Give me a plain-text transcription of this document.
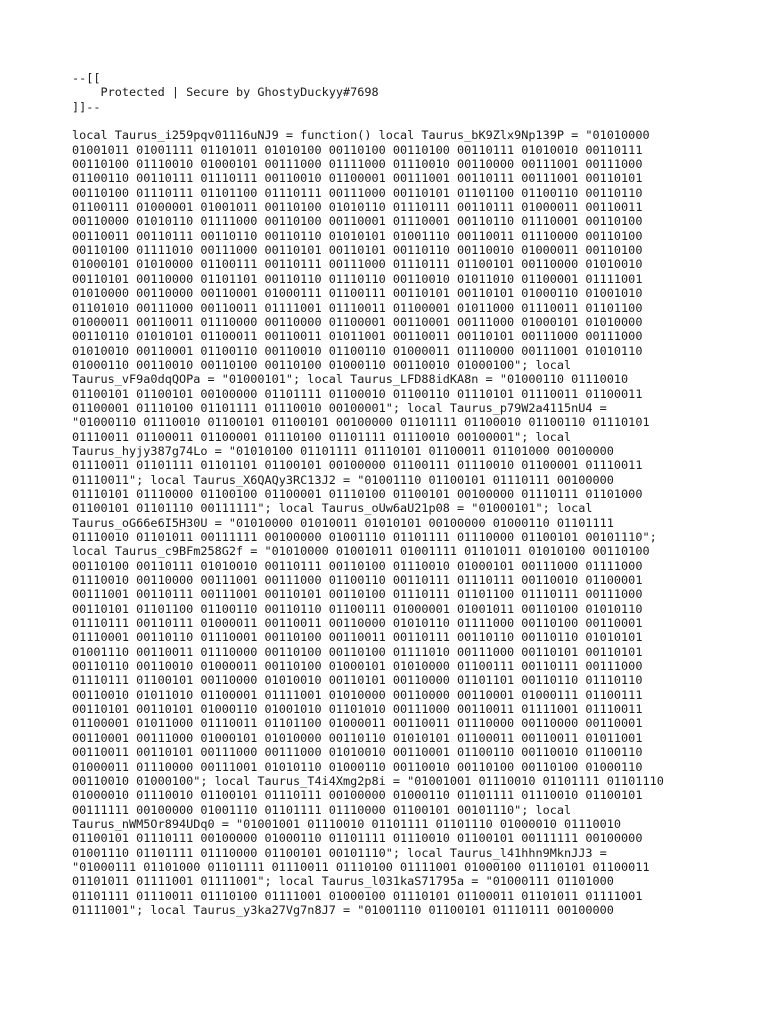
--[[
Protected | Secure by GhostyDuckyy#7698
]]--
local Taurus_i259pqv01116uNJ9 = function() local Taurus_bK9Zlx9Np139P = "01010000
01001011 01001111 01101011 01010100 00110100 00110100 00110111 01010010 00110111
00110100 01110010 01000101 00111000 01111000 01110010 00110000 00111001 00111000
01100110 00110111 01110111 00110010 01100001 00111001 00110111 00111001 00110101
00110100 01110111 01101100 01110111 00111000 00110101 01101100 01100110 00110110
01100111 01000001 01001011 00110100 01010110 01110111 00110111 01000011 00110011
00110000 01010110 01111000 00110100 00110001 01110001 00110110 01110001 00110100
00110011 00110111 00110110 00110110 01010101 01001110 00110011 01110000 00110100
00110100 01111010 00111000 00110101 00110101 00110110 00110010 01000011 00110100
01000101 01010000 01100111 00110111 00111000 01110111 01100101 00110000 01010010
00110101 00110000 01101101 00110110 01110110 00110010 01011010 01100001 01111001
01010000 00110000 00110001 01000111 01100111 00110101 00110101 01000110 01001010
01101010 00111000 00110011 01111001 01110011 01100001 01011000 01110011 01101100
01000011 00110011 01110000 00110000 01100001 00110001 00111000 01000101 01010000
00110110 01010101 01100011 00110011 01011001 00110011 00110101 00111000 00111000
01010010 00110001 01100110 00110010 01100110 01000011 01110000 00111001 01010110
01000110 00110010 00110100 00110100 01000110 00110010 01000100"; local
Taurus_vF9a0dqQOPa = "01000101"; local Taurus_LFD88idKA8n = "01000110 01110010
01100101 01100101 00100000 01101111 01100010 01100110 01110101 01110011 01100011
01100001 01110100 01101111 01110010 00100001"; local Taurus_p79W2a4115nU4 =
"01000110 01110010 01100101 01100101 00100000 01101111 01100010 01100110 01110101
01110011 01100011 01100001 01110100 01101111 01110010 00100001"; local
Taurus_hyjy387g74Lo = "01010100 01101111 01110101 01100011 01101000 00100000
01110011 01101111 01101101 01100101 00100000 01100111 01110010 01100001 01110011
01110011"; local Taurus_X6QAQy3RC13J2 = "01001110 01100101 01110111 00100000
01110101 01110000 01100100 01100001 01110100 01100101 00100000 01110111 01101000
01100101 01101110 00111111"; local Taurus_oUw6aU21p08 = "01000101"; local
Taurus_oG66e6I5H30U = "01010000 01010011 01010101 00100000 01000110 01101111
01110010 01101011 00111111 00100000 01001110 01101111 01110000 01100101 00101110";
local Taurus_c9BFm258G2f = "01010000 01001011 01001111 01101011 01010100 00110100
00110100 00110111 01010010 00110111 00110100 01110010 01000101 00111000 01111000
01110010 00110000 00111001 00111000 01100110 00110111 01110111 00110010 01100001
00111001 00110111 00111001 00110101 00110100 01110111 01101100 01110111 00111000
00110101 01101100 01100110 00110110 01100111 01000001 01001011 00110100 01010110
01110111 00110111 01000011 00110011 00110000 01010110 01111000 00110100 00110001
01110001 00110110 01110001 00110100 00110011 00110111 00110110 00110110 01010101
01001110 00110011 01110000 00110100 00110100 01111010 00111000 00110101 00110101
00110110 00110010 01000011 00110100 01000101 01010000 01100111 00110111 00111000
01110111 01100101 00110000 01010010 00110101 00110000 01101101 00110110 01110110
00110010 01011010 01100001 01111001 01010000 00110000 00110001 01000111 01100111
00110101 00110101 01000110 01001010 01101010 00111000 00110011 01111001 01110011
01100001 01011000 01110011 01101100 01000011 00110011 01110000 00110000 00110001
00110001 00111000 01000101 01010000 00110110 01010101 01100011 00110011 01011001
00110011 00110101 00111000 00111000 01010010 00110001 01100110 00110010 01100110
01000011 01110000 00111001 01010110 01000110 00110010 00110100 00110100 01000110
00110010 01000100"; local Taurus_T4i4Xmg2p8i = "01001001 01110010 01101111 01101110
01000010 01110010 01100101 01110111 00100000 01000110 01101111 01110010 01100101
00111111 00100000 01001110 01101111 01110000 01100101 00101110"; local
Taurus_nWM5Or894UDq0 = "01001001 01110010 01101111 01101110 01000010 01110010
01100101 01110111 00100000 01000110 01101111 01110010 01100101 00111111 00100000
01001110 01101111 01110000 01100101 00101110"; local Taurus_l41hhn9MknJJ3 =
"01000111 01101000 01101111 01110011 01110100 01111001 01000100 01110101 01100011
01101011 01111001 01111001"; local Taurus_l031kaS71795a = "01000111 01101000
01101111 01110011 01110100 01111001 01000100 01110101 01100011 01101011 01111001
01111001"; local Taurus_y3ka27Vg7n8J7 = "01001110 01100101 01110111 00100000
